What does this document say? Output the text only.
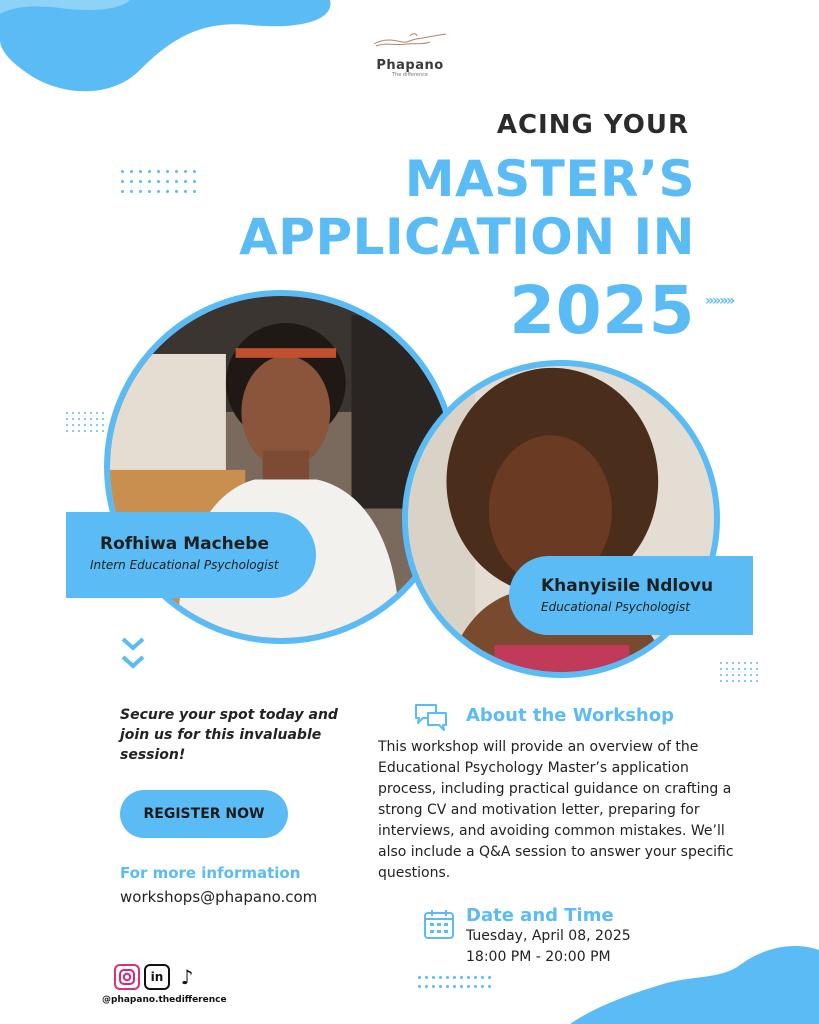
Phapano
The difference
ACING YOUR
MASTER’S
APPLICATION IN
2025 »»»»
Rofhiwa Machebe
Intern Educational Psychologist
Khanyisile Ndlovu
Educational Psychologist
Secure your spot today and join us for this invaluable session!
REGISTER NOW
For more information
workshops@phapano.com
About the Workshop
This workshop will provide an overview of the Educational Psychology Master’s application process, including practical guidance on crafting a strong CV and motivation letter, preparing for interviews, and avoiding common mistakes. We’ll also include a Q&A session to answer your specific questions.
Date and Time
Tuesday, April 08, 2025
18:00 PM - 20:00 PM
in ♪
@phapano.thedifference
